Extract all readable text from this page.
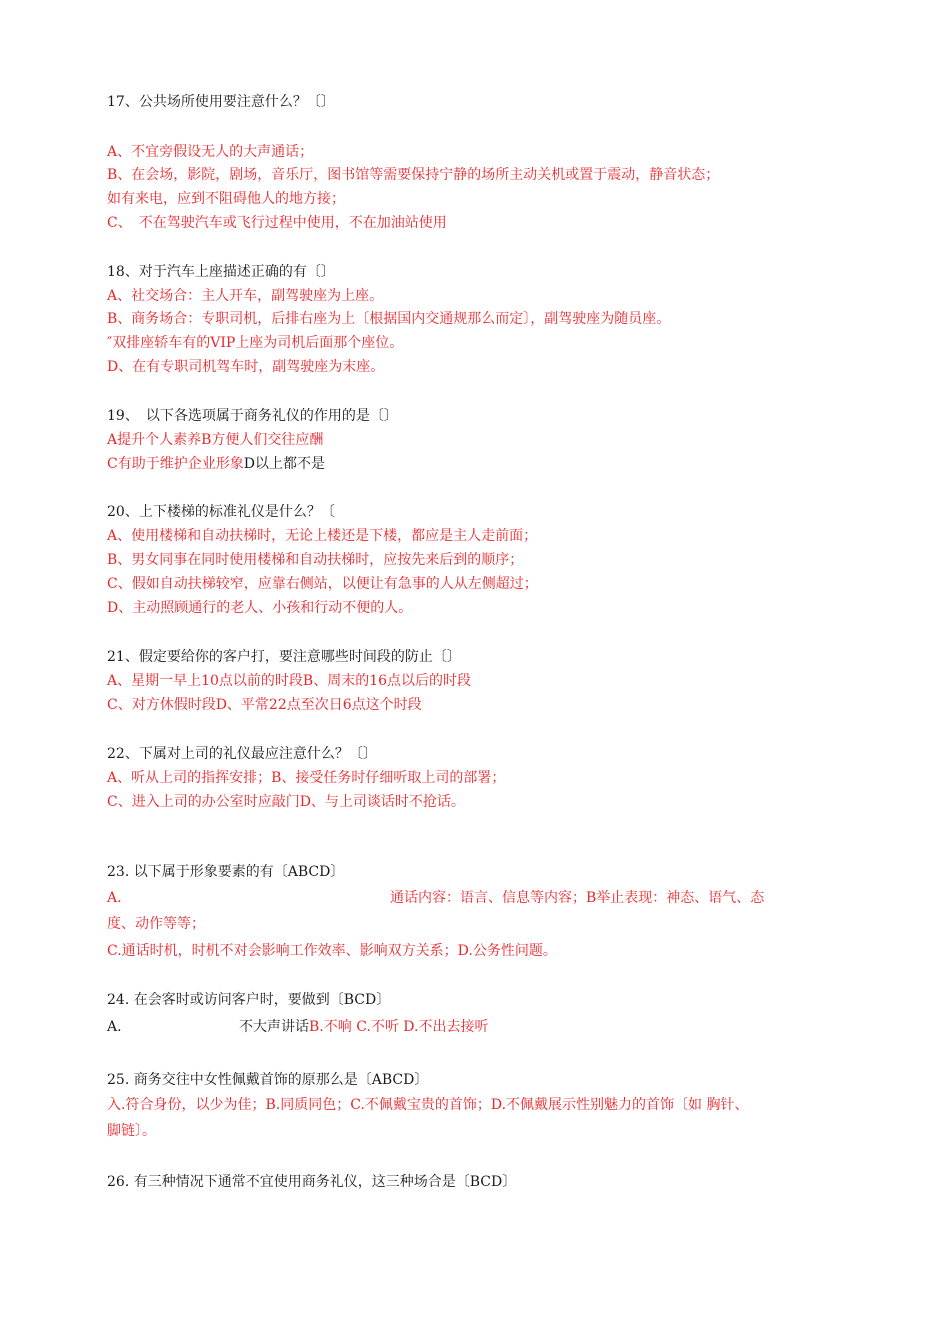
17、公共场所使用要注意什么？〔〕
A、不宜旁假设无人的大声通话；
B、在会场，影院，剧场，音乐厅，图书馆等需要保持宁静的场所主动关机或置于震动，静音状态；
如有来电，应到不阻碍他人的地方接；
C、　不在驾驶汽车或飞行过程中使用，不在加油站使用
18、对于汽车上座描述正确的有〔〕
A、社交场合：主人开车，副驾驶座为上座。
B、商务场合：专职司机，后排右座为上〔根据国内交通规那么而定〕，副驾驶座为随员座。
″双排座轿车有的VIP上座为司机后面那个座位。
D、在有专职司机驾车时，副驾驶座为末座。
19、　以下各选项属于商务礼仪的作用的是〔〕
A提升个人素养B方便人们交往应酬
C有助于维护企业形象D以上都不是
20、上下楼梯的标准礼仪是什么？〔
A、使用楼梯和自动扶梯时，无论上楼还是下楼，都应是主人走前面；
B、男女同事在同时使用楼梯和自动扶梯时，应按先来后到的顺序；
C、假如自动扶梯较窄，应靠右侧站，以便让有急事的人从左侧超过；
D、主动照顾通行的老人、小孩和行动不便的人。
21、假定要给你的客户打，要注意哪些时间段的防止〔〕
A、星期一早上10点以前的时段B、周末的16点以后的时段
C、对方休假时段D、平常22点至次日6点这个时段
22、下属对上司的礼仪最应注意什么？〔〕
A、听从上司的指挥安排；B、接受任务时仔细听取上司的部署；
C、进入上司的办公室时应敲门D、与上司谈话时不抢话。
23. 以下属于形象要素的有〔ABCD〕
A.	通话内容：语言、信息等内容；B举止表现：神态、语气、态
度、动作等等；
C.通话时机，时机不对会影响工作效率、影响双方关系；D.公务性问题。
24. 在会客时或访问客户时，要做到〔BCD〕
A.	不大声讲话B.不响 C.不听 D.不出去接听
25. 商务交往中女性佩戴首饰的原那么是〔ABCD〕
入.符合身份，以少为佳；B.同质同色；C.不佩戴宝贵的首饰；D.不佩戴展示性别魅力的首饰〔如 胸针、
脚链〕。
26. 有三种情况下通常不宜使用商务礼仪，这三种场合是〔BCD〕
